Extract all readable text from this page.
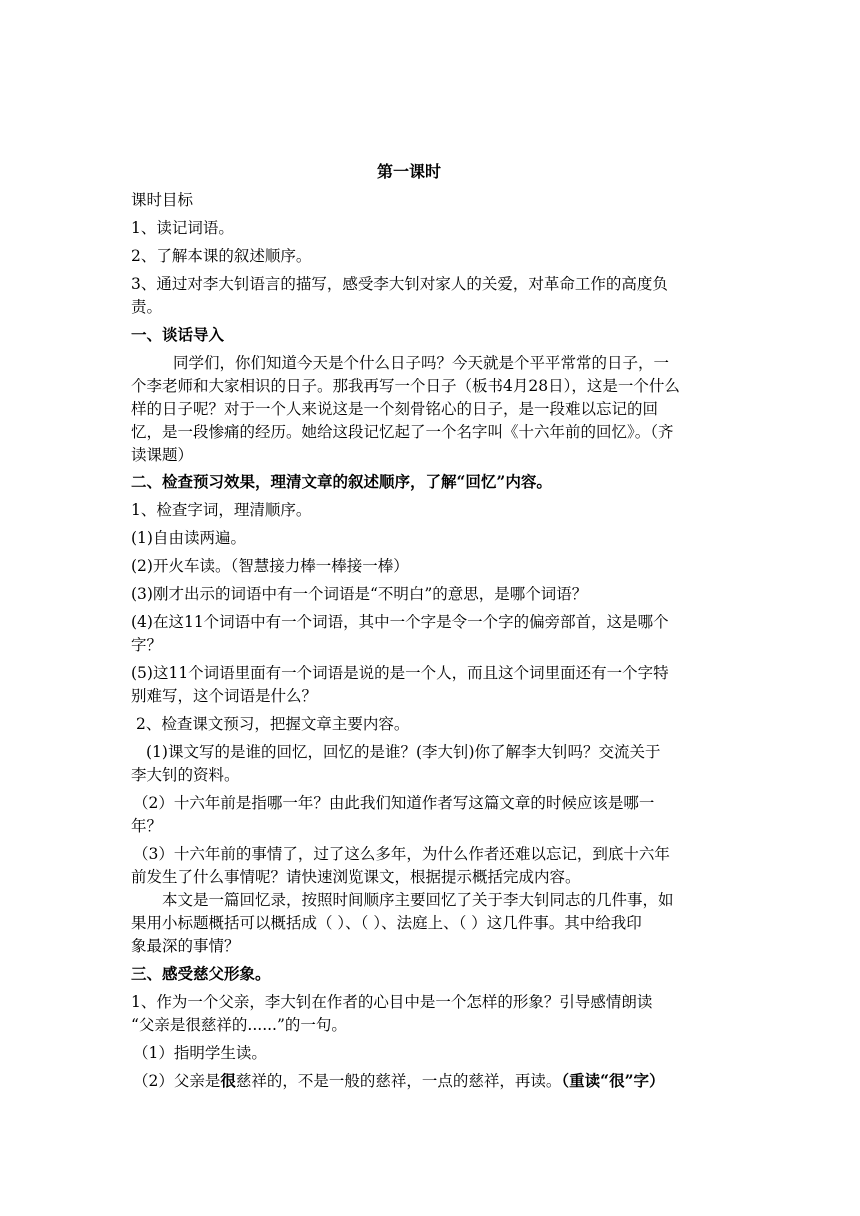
第一课时
课时目标
1、读记词语。
2、了解本课的叙述顺序。
3、通过对李大钊语言的描写，感受李大钊对家人的关爱，对革命工作的高度负
责。
一、谈话导入
同学们，你们知道今天是个什么日子吗？今天就是个平平常常的日子，一
个李老师和大家相识的日子。那我再写一个日子（板书4月28日），这是一个什么
样的日子呢？对于一个人来说这是一个刻骨铭心的日子，是一段难以忘记的回
忆，是一段惨痛的经历。她给这段记忆起了一个名字叫《十六年前的回忆》。（齐
读课题）
二、检查预习效果，理清文章的叙述顺序，了解“回忆”内容。
1、检查字词，理清顺序。
(1)自由读两遍。
(2)开火车读。（智慧接力棒一棒接一棒）
(3)刚才出示的词语中有一个词语是“不明白”的意思，是哪个词语？
(4)在这11个词语中有一个词语，其中一个字是令一个字的偏旁部首，这是哪个
字？
(5)这11个词语里面有一个词语是说的是一个人，而且这个词里面还有一个字特
别难写，这个词语是什么？
2、检查课文预习，把握文章主要内容。
(1)课文写的是谁的回忆，回忆的是谁？(李大钊)你了解李大钊吗？交流关于
李大钊的资料。
（2）十六年前是指哪一年？由此我们知道作者写这篇文章的时候应该是哪一
年？
（3）十六年前的事情了，过了这么多年，为什么作者还难以忘记，到底十六年
前发生了什么事情呢？请快速浏览课文，根据提示概括完成内容。
本文是一篇回忆录，按照时间顺序主要回忆了关于李大钊同志的几件事，如
果用小标题概括可以概括成（ ）、（ ）、法庭上、（ ）这几件事。其中给我印
象最深的事情？
三、感受慈父形象。
1、作为一个父亲，李大钊在作者的心目中是一个怎样的形象？引导感情朗读
“父亲是很慈祥的......”的一句。
（1）指明学生读。
（2）父亲是很慈祥的，不是一般的慈祥，一点的慈祥，再读。（重读“很”字）
